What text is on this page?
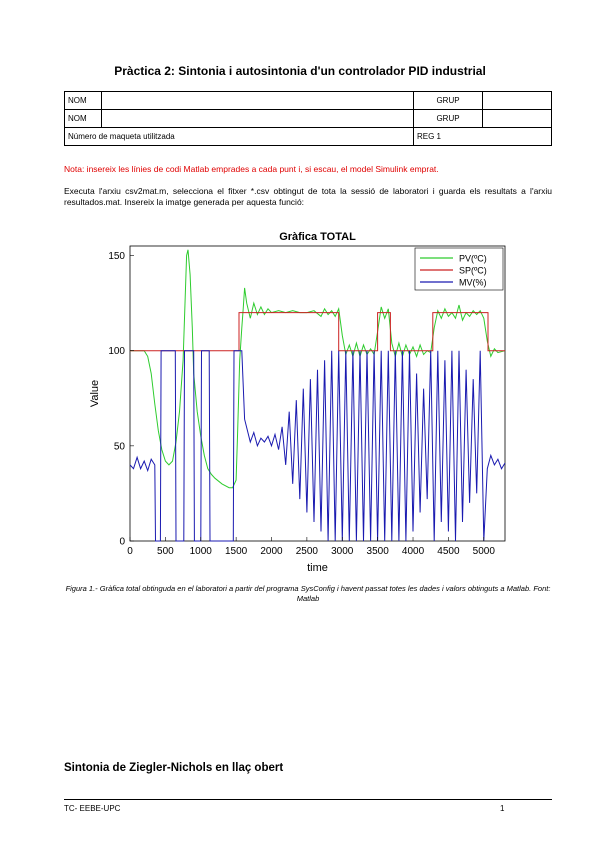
Pràctica 2: Sintonia i autosintonia d'un controlador PID industrial
NOM		GRUP	
NOM		GRUP	
Número de maqueta utilitzada		REG 1	
Nota: insereix les línies de codi Matlab emprades a cada punt i, si escau, el model Simulink emprat.
Executa l'arxiu csv2mat.m, selecciona el fitxer *.csv obtingut de tota la sessió de laboratori i guarda els resultats a l'arxiu resultados.mat. Insereix la imatge generada per aquesta funció:
Gràfica TOTAL
0 500 1000 1500 2000 2500 3000 3500 4000 4500 5000
0
50
100
150
time
Value
PV(ºC)
SP(ºC)
MV(%)
Figura 1.- Gràfica total obtinguda en el laboratori a partir del programa SysConfig i havent passat totes les dades i valors obtinguts a Matlab. Font: Matlab
Sintonia de Ziegler-Nichols en llaç obert
TC- EEBE-UPC	1
